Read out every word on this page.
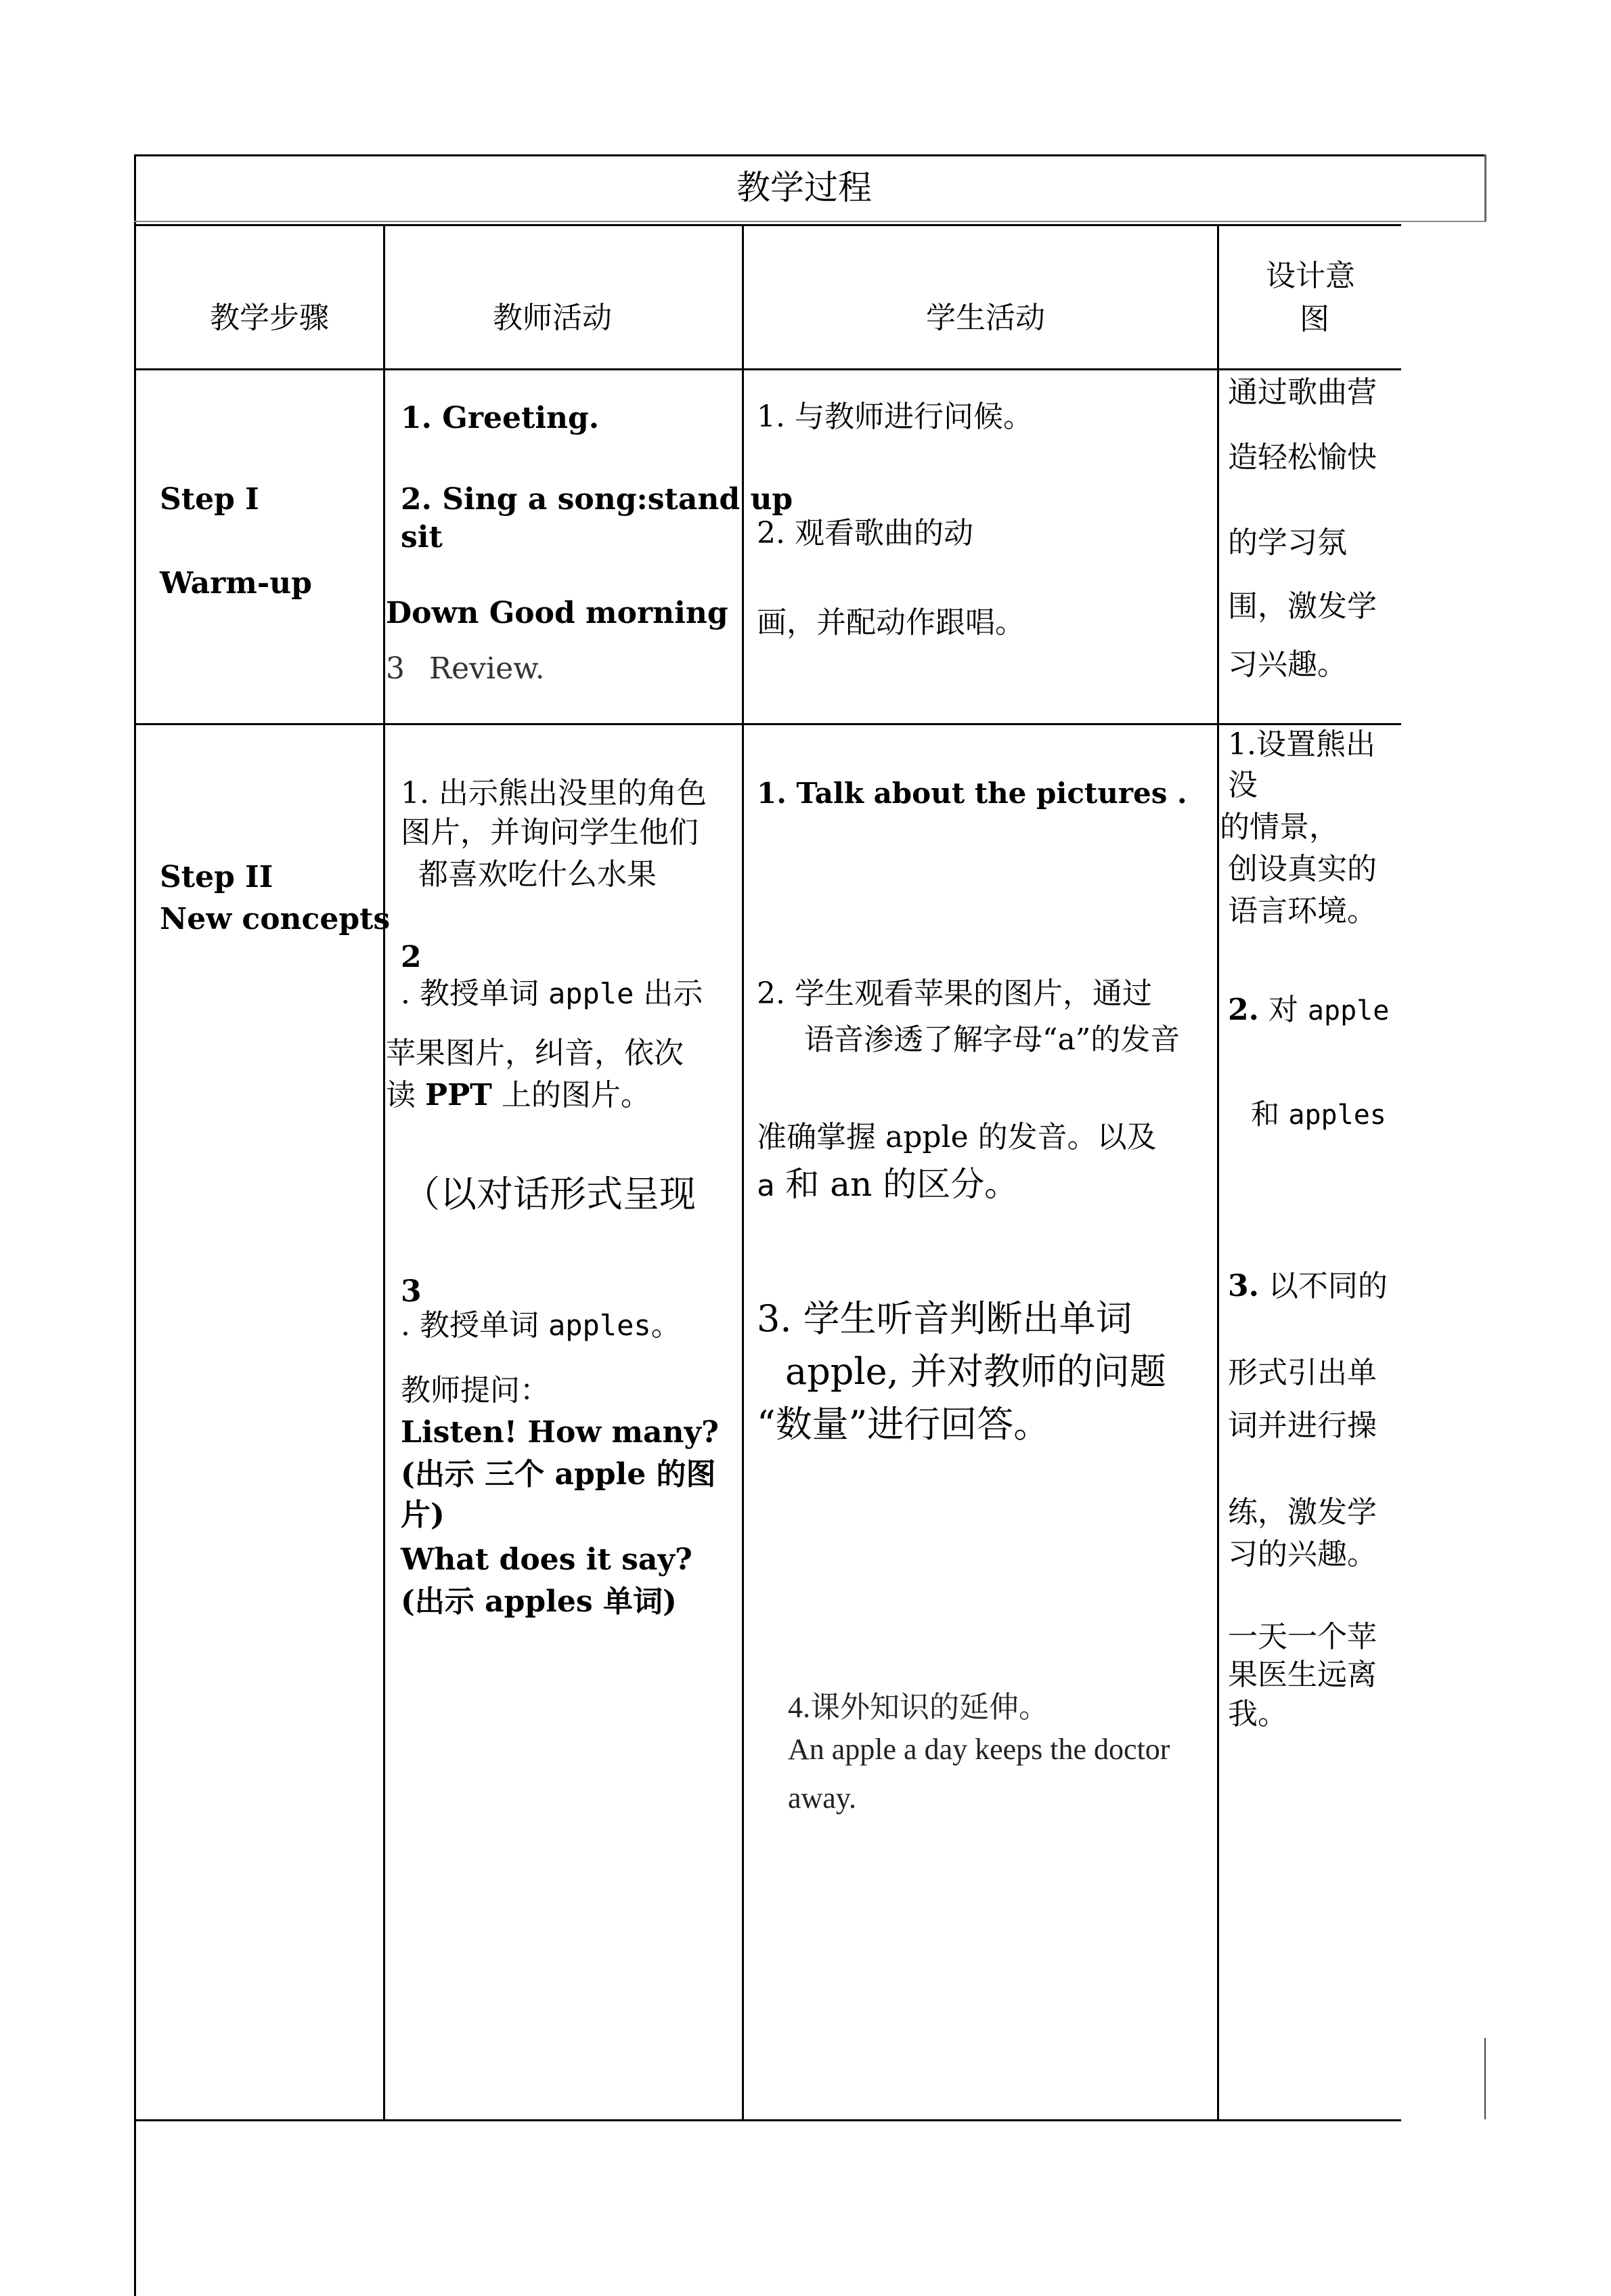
教学过程
教学步骤	教师活动	学生活动
设计意
图
Step I
Warm-up
1. Greeting.
2. Sing a song:stand up
sit
Down Good morning
3 Review.
1. 与教师进行问候。
2. 观看歌曲的动
画，并配动作跟唱。
通过歌曲营
造轻松愉快
的学习氛
围，激发学
习兴趣。
Step II
New concepts
1. 出示熊出没里的角色
图片，并询问学生他们
都喜欢吃什么水果
2
. 教授单词 apple 出示
苹果图片，纠音，依次
读 PPT 上的图片。
（以对话形式呈现
3
. 教授单词 apples。
教师提问：
Listen! How many?
(出示 三个 apple 的图
片)
What does it say?
(出示 apples 单词)
1. Talk about the pictures .
2. 学生观看苹果的图片，通过
语音渗透了解字母“a”的发音
准确掌握 apple 的发音。以及
a 和 an 的区分。
3. 学生听音判断出单词
apple, 并对教师的问题
“数量”进行回答。
4.课外知识的延伸。
An apple a day keeps the doctor
away.
1.设置熊出
没
的情景，
创设真实的
语言环境。
2. 对 apple
和 apples
3. 以不同的
形式引出单
词并进行操
练，激发学
习的兴趣。
一天一个苹
果医生远离
我。
